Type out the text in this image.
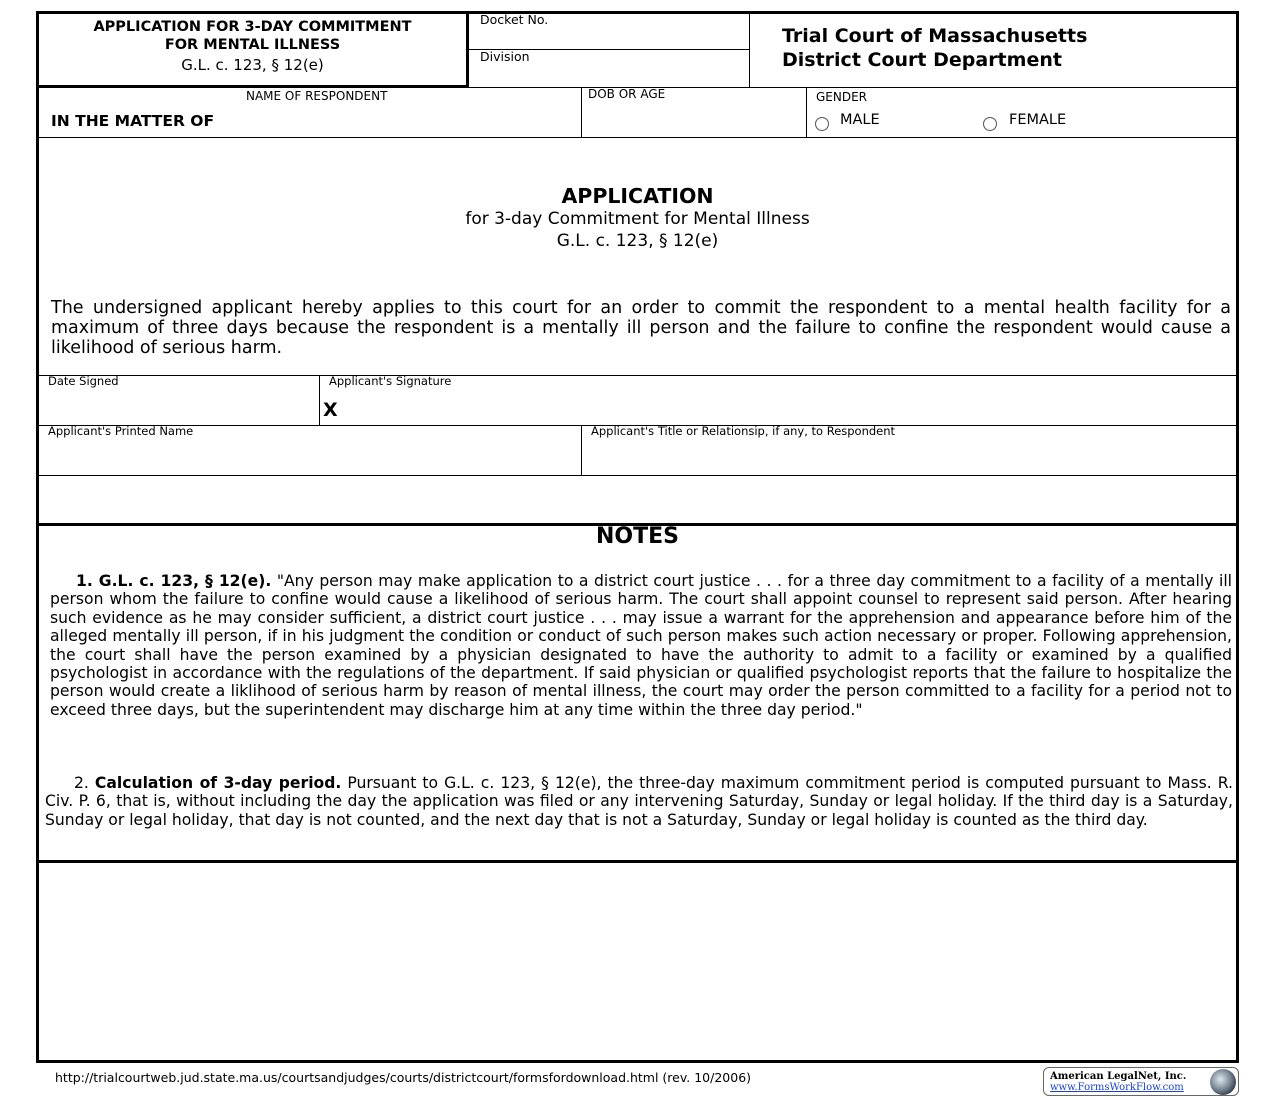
APPLICATION FOR 3-DAY COMMITMENT
FOR MENTAL ILLNESS
G.L. c. 123, § 12(e)
Docket No.
Division
Trial Court of Massachusetts
District Court Department
NAME OF RESPONDENT
IN THE MATTER OF
DOB OR AGE	GENDER
MALE	FEMALE
APPLICATION
for 3-day Commitment for Mental Illness
G.L. c. 123, § 12(e)
The undersigned applicant hereby applies to this court for an order to commit the respondent to a mental health facility for a maximum of three days because the respondent is a mentally ill person and the failure to confine the respondent would cause a likelihood of serious harm.
Date Signed	Applicant's Signature
X
Applicant's Printed Name	Applicant's Title or Relationsip, if any, to Respondent
NOTES
1. G.L. c. 123, § 12(e). "Any person may make application to a district court justice . . . for a three day commitment to a facility of a mentally ill person whom the failure to confine would cause a likelihood of serious harm. The court shall appoint counsel to represent said person. After hearing such evidence as he may consider sufficient, a district court justice . . . may issue a warrant for the apprehension and appearance before him of the alleged mentally ill person, if in his judgment the condition or conduct of such person makes such action necessary or proper. Following apprehension, the court shall have the person examined by a physician designated to have the authority to admit to a facility or examined by a qualified psychologist in accordance with the regulations of the department. If said physician or qualified psychologist reports that the failure to hospitalize the person would create a liklihood of serious harm by reason of mental illness, the court may order the person committed to a facility for a period not to exceed three days, but the superintendent may discharge him at any time within the three day period."
2. Calculation of 3-day period. Pursuant to G.L. c. 123, § 12(e), the three-day maximum commitment period is computed pursuant to Mass. R. Civ. P. 6, that is, without including the day the application was filed or any intervening Saturday, Sunday or legal holiday. If the third day is a Saturday, Sunday or legal holiday, that day is not counted, and the next day that is not a Saturday, Sunday or legal holiday is counted as the third day.
http://trialcourtweb.jud.state.ma.us/courtsandjudges/courts/districtcourt/formsfordownload.html (rev. 10/2006)	American LegalNet, Inc.
www.FormsWorkFlow.com
